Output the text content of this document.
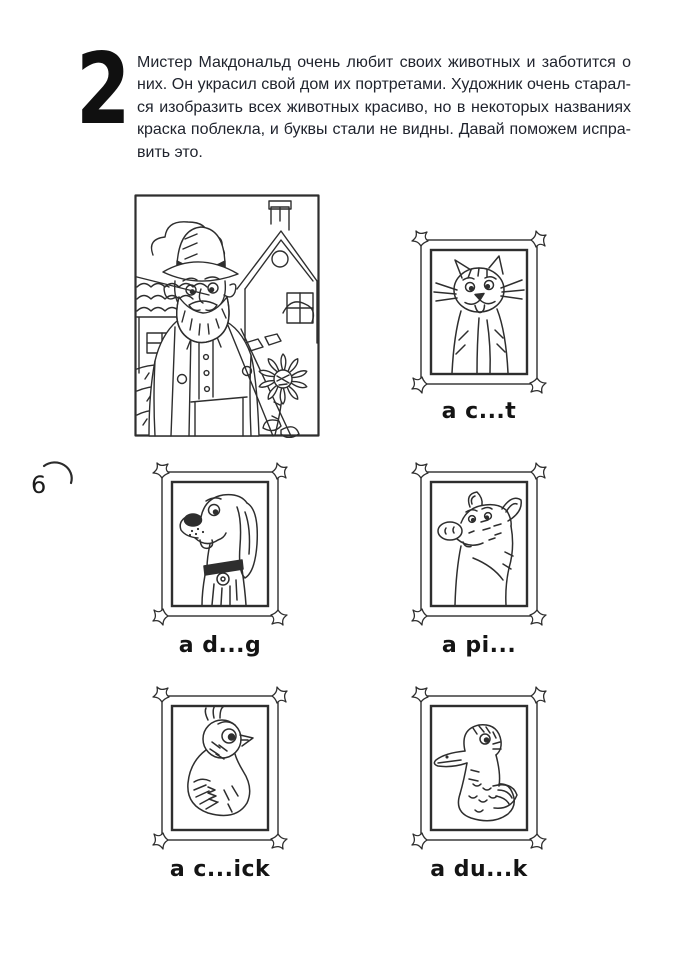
2 Мистер Макдональд очень любит своих животных и заботится о
них. Он украсил свой дом их портретами. Художник очень старал-
ся изобразить всех животных красиво, но в некоторых названиях
краска поблекла, и буквы стали не видны. Давай поможем испра-
вить это.
6
a c...t
a d...g	a pi...
a c...ick	a du...k
